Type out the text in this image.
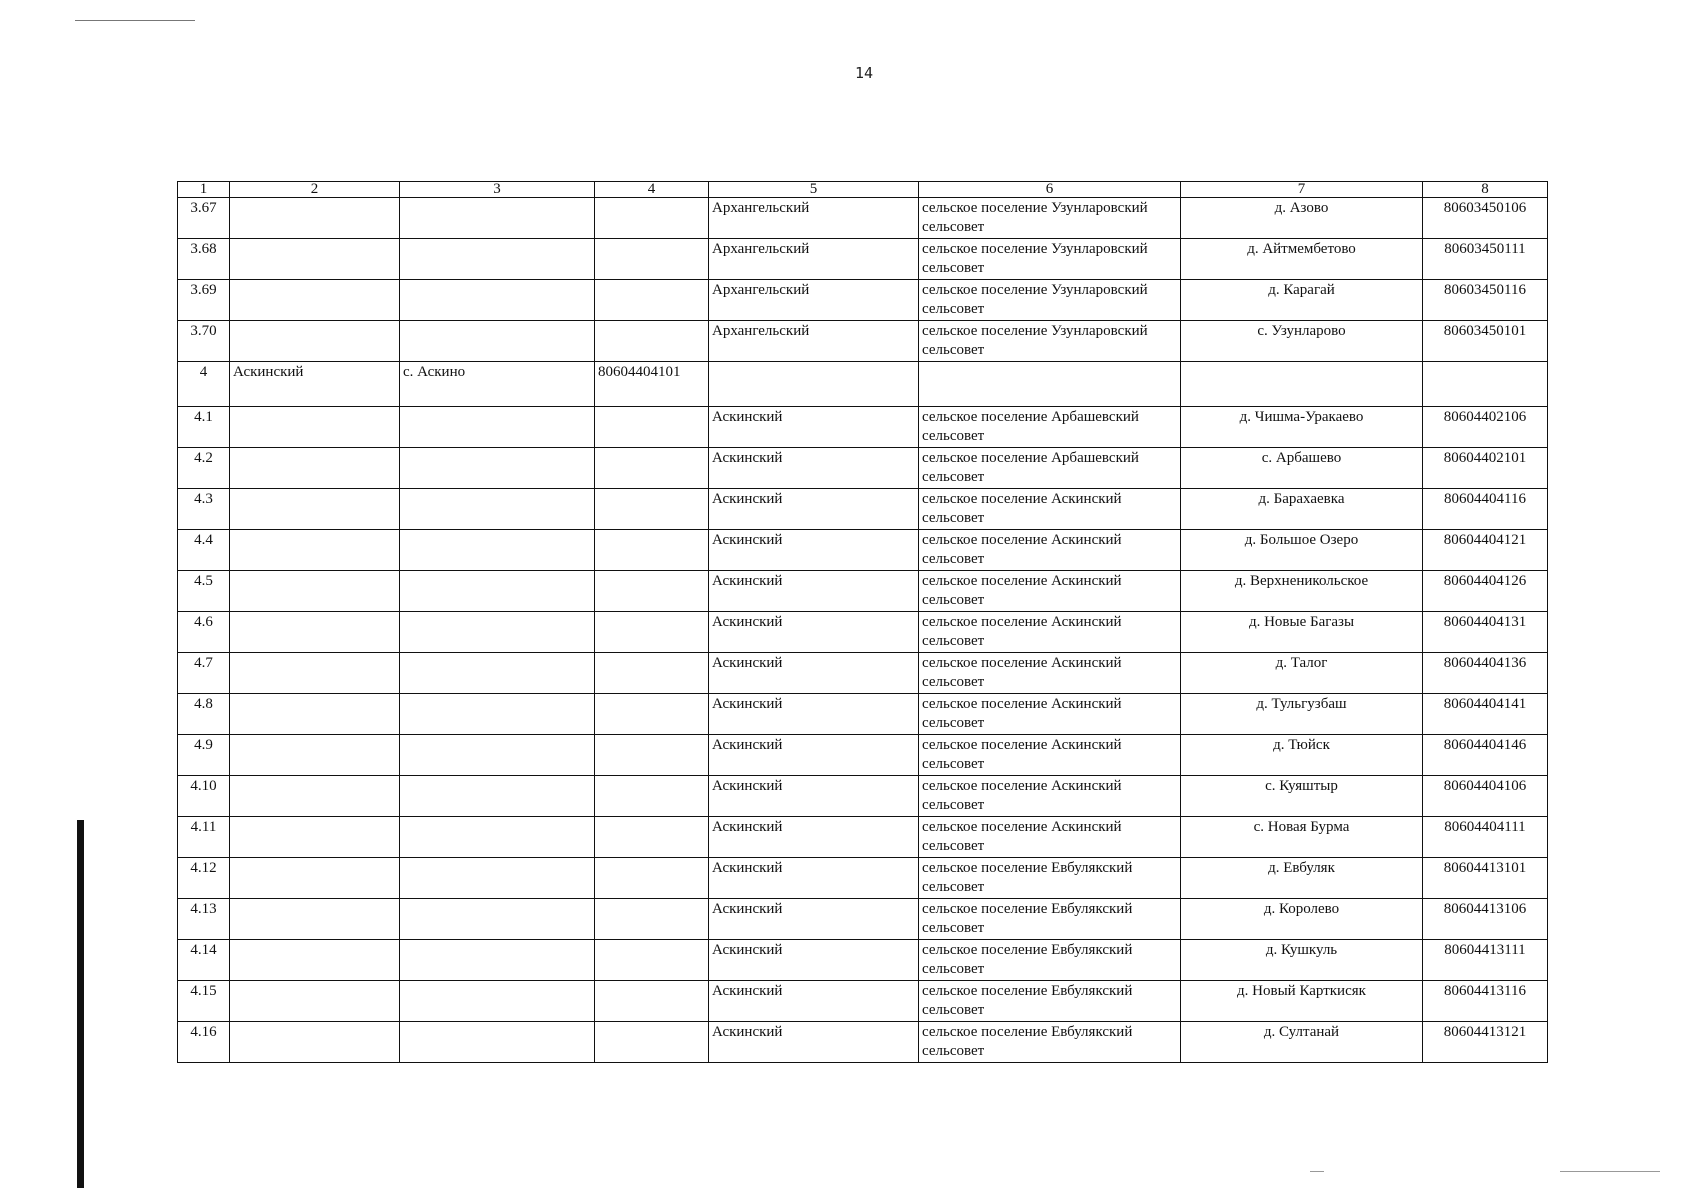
14
1	2	3	4	5	6	7	8
3.67				Архангельский	сельское поселение Узунларовский сельсовет	д. Азово	80603450106
3.68				Архангельский	сельское поселение Узунларовский сельсовет	д. Айтмембетово	80603450111
3.69				Архангельский	сельское поселение Узунларовский сельсовет	д. Карагай	80603450116
3.70				Архангельский	сельское поселение Узунларовский сельсовет	с. Узунларово	80603450101
4	Аскинский	с. Аскино	80604404101				
4.1				Аскинский	сельское поселение Арбашевский сельсовет	д. Чишма-Уракаево	80604402106
4.2				Аскинский	сельское поселение Арбашевский сельсовет	с. Арбашево	80604402101
4.3				Аскинский	сельское поселение Аскинский сельсовет	д. Барахаевка	80604404116
4.4				Аскинский	сельское поселение Аскинский сельсовет	д. Большое Озеро	80604404121
4.5				Аскинский	сельское поселение Аскинский сельсовет	д. Верхненикольское	80604404126
4.6				Аскинский	сельское поселение Аскинский сельсовет	д. Новые Багазы	80604404131
4.7				Аскинский	сельское поселение Аскинский сельсовет	д. Талог	80604404136
4.8				Аскинский	сельское поселение Аскинский сельсовет	д. Тульгузбаш	80604404141
4.9				Аскинский	сельское поселение Аскинский сельсовет	д. Тюйск	80604404146
4.10				Аскинский	сельское поселение Аскинский сельсовет	с. Куяштыр	80604404106
4.11				Аскинский	сельское поселение Аскинский сельсовет	с. Новая Бурма	80604404111
4.12				Аскинский	сельское поселение Евбулякский сельсовет	д. Евбуляк	80604413101
4.13				Аскинский	сельское поселение Евбулякский сельсовет	д. Королево	80604413106
4.14				Аскинский	сельское поселение Евбулякский сельсовет	д. Кушкуль	80604413111
4.15				Аскинский	сельское поселение Евбулякский сельсовет	д. Новый Карткисяк	80604413116
4.16				Аскинский	сельское поселение Евбулякский сельсовет	д. Султанай	80604413121
